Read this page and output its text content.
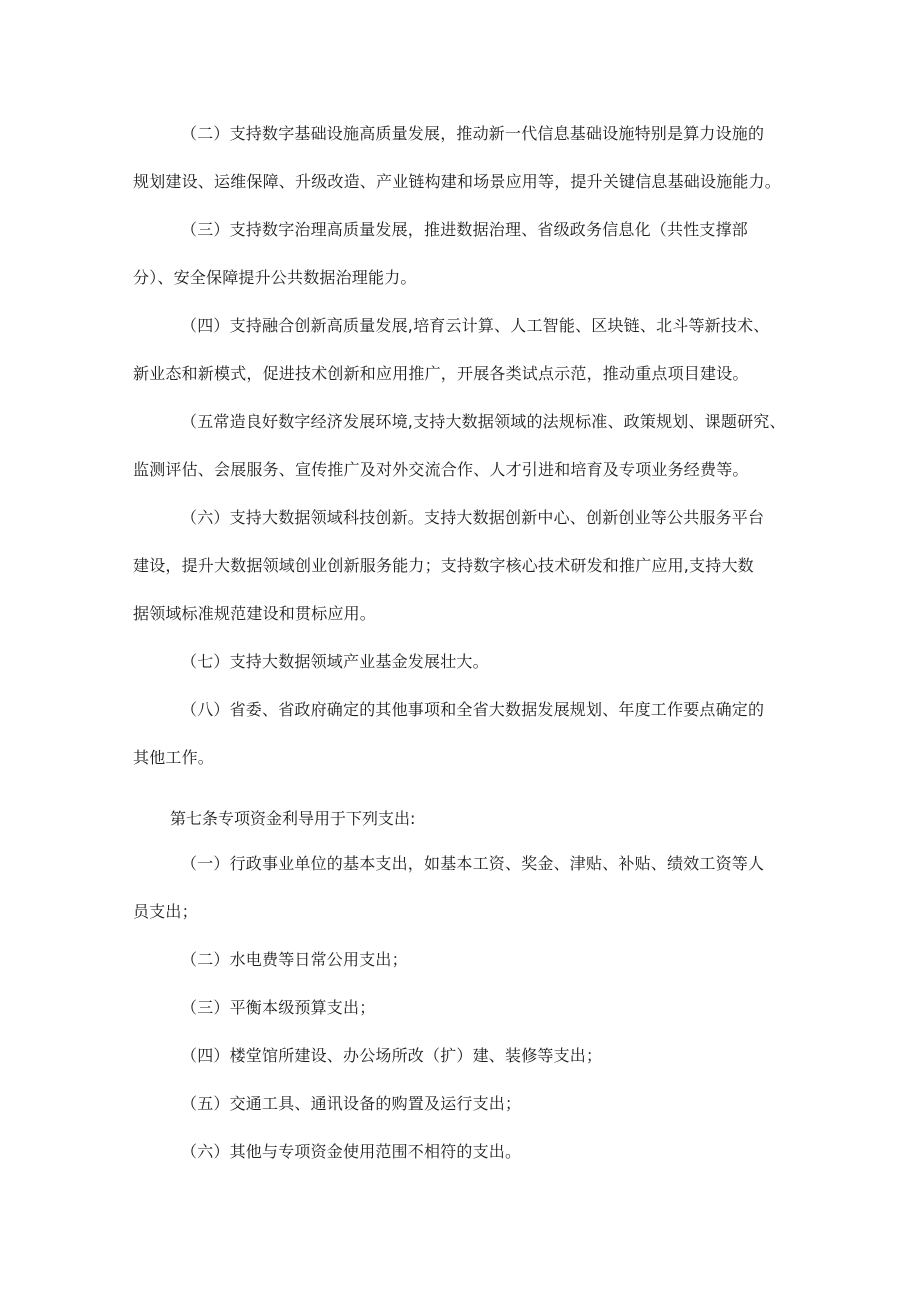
（二）支持数字基础设施高质量发展，推动新一代信息基础设施特别是算力设施的
规划建设、运维保障、升级改造、产业链构建和场景应用等，提升关键信息基础设施能力。
（三）支持数字治理高质量发展，推进数据治理、省级政务信息化（共性支撑部
分）、安全保障提升公共数据治理能力。
（四）支持融合创新高质量发展,培育云计算、人工智能、区块链、北斗等新技术、
新业态和新模式，促进技术创新和应用推广，开展各类试点示范，推动重点项目建设。
（五常造良好数字经济发展环境,支持大数据领域的法规标准、政策规划、课题研究、
监测评估、会展服务、宣传推广及对外交流合作、人才引进和培育及专项业务经费等。
（六）支持大数据领域科技创新。支持大数据创新中心、创新创业等公共服务平台
建设，提升大数据领域创业创新服务能力；支持数字核心技术研发和推广应用,支持大数
据领域标准规范建设和贯标应用。
（七）支持大数据领域产业基金发展壮大。
（八）省委、省政府确定的其他事项和全省大数据发展规划、年度工作要点确定的
其他工作。
第七条专项资金利导用于下列支出:
（一）行政事业单位的基本支出，如基本工资、奖金、津贴、补贴、绩效工资等人
员支出；
（二）水电费等日常公用支出；
（三）平衡本级预算支出；
（四）楼堂馆所建设、办公场所改（扩）建、装修等支出；
（五）交通工具、通讯设备的购置及运行支出；
（六）其他与专项资金使用范围不相符的支出。
